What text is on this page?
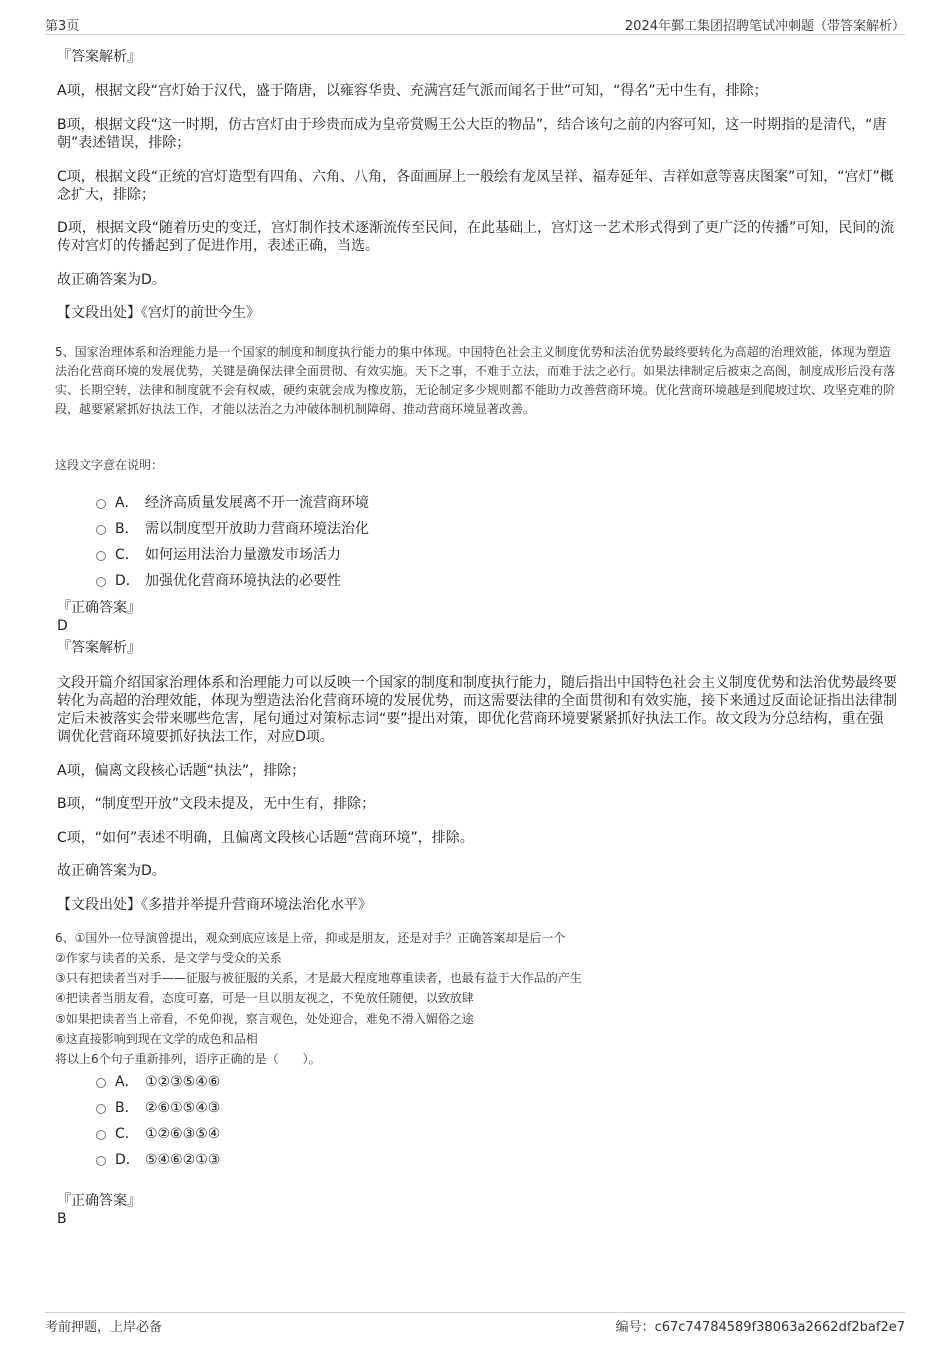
第3页	2024年鄞工集团招聘笔试冲刺题（带答案解析）
『答案解析』

A项，根据文段“宫灯始于汉代，盛于隋唐，以雍容华贵、充满宫廷气派而闻名于世”可知，“得名”无中生有，排除；

B项，根据文段“这一时期，仿古宫灯由于珍贵而成为皇帝赏赐王公大臣的物品”，结合该句之前的内容可知，这一时期指的是清代，“唐朝”表述错误，排除；

C项，根据文段“正统的宫灯造型有四角、六角、八角，各面画屏上一般绘有龙凤呈祥、福寿延年、吉祥如意等喜庆图案”可知，“宫灯”概念扩大，排除；

D项，根据文段“随着历史的变迁，宫灯制作技术逐渐流传至民间，在此基础上，宫灯这一艺术形式得到了更广泛的传播”可知，民间的流传对宫灯的传播起到了促进作用，表述正确，当选。

故正确答案为D。
【文段出处】《宫灯的前世今生》

5、国家治理体系和治理能力是一个国家的制度和制度执行能力的集中体现。中国特色社会主义制度优势和法治优势最终要转化为高超的治理效能，体现为塑造法治化营商环境的发展优势，关键是确保法律全面贯彻、有效实施。天下之事，不难于立法，而难于法之必行。如果法律制定后被束之高阁，制度成形后没有落实、长期空转，法律和制度就不会有权威，硬约束就会成为橡皮筋，无论制定多少规则都不能助力改善营商环境。优化营商环境越是到爬坡过坎、攻坚克难的阶段，越要紧紧抓好执法工作，才能以法治之力冲破体制机制障碍、推动营商环境显著改善。

这段文字意在说明：
A． 经济高质量发展离不开一流营商环境
B． 需以制度型开放助力营商环境法治化
C． 如何运用法治力量激发市场活力
D． 加强优化营商环境执法的必要性
『正确答案』
D
『答案解析』

文段开篇介绍国家治理体系和治理能力可以反映一个国家的制度和制度执行能力，随后指出中国特色社会主义制度优势和法治优势最终要转化为高超的治理效能，体现为塑造法治化营商环境的发展优势，而这需要法律的全面贯彻和有效实施，接下来通过反面论证指出法律制定后未被落实会带来哪些危害，尾句通过对策标志词“要”提出对策，即优化营商环境要紧紧抓好执法工作。故文段为分总结构，重在强调优化营商环境要抓好执法工作，对应D项。

A项，偏离文段核心话题“执法”，排除；
B项，“制度型开放”文段未提及，无中生有，排除；
C项，“如何”表述不明确，且偏离文段核心话题“营商环境”，排除。
故正确答案为D。
【文段出处】《多措并举提升营商环境法治化水平》
6、①国外一位导演曾提出，观众到底应该是上帝，抑或是朋友，还是对手？正确答案却是后一个
②作家与读者的关系，是文学与受众的关系
③只有把读者当对手——征服与被征服的关系，才是最大程度地尊重读者，也最有益于大作品的产生
④把读者当朋友看，态度可嘉，可是一旦以朋友视之，不免放任随便，以致放肆
⑤如果把读者当上帝看，不免仰视，察言观色，处处迎合，难免不滑入媚俗之途
⑥这直接影响到现在文学的成色和品相
将以上6个句子重新排列，语序正确的是（　　）。
A． ①②③⑤④⑥
B． ②⑥①⑤④③
C． ①②⑥③⑤④
D． ⑤④⑥②①③
『正确答案』
B
考前押题，上岸必备	编号：c67c74784589f38063a2662df2baf2e7
